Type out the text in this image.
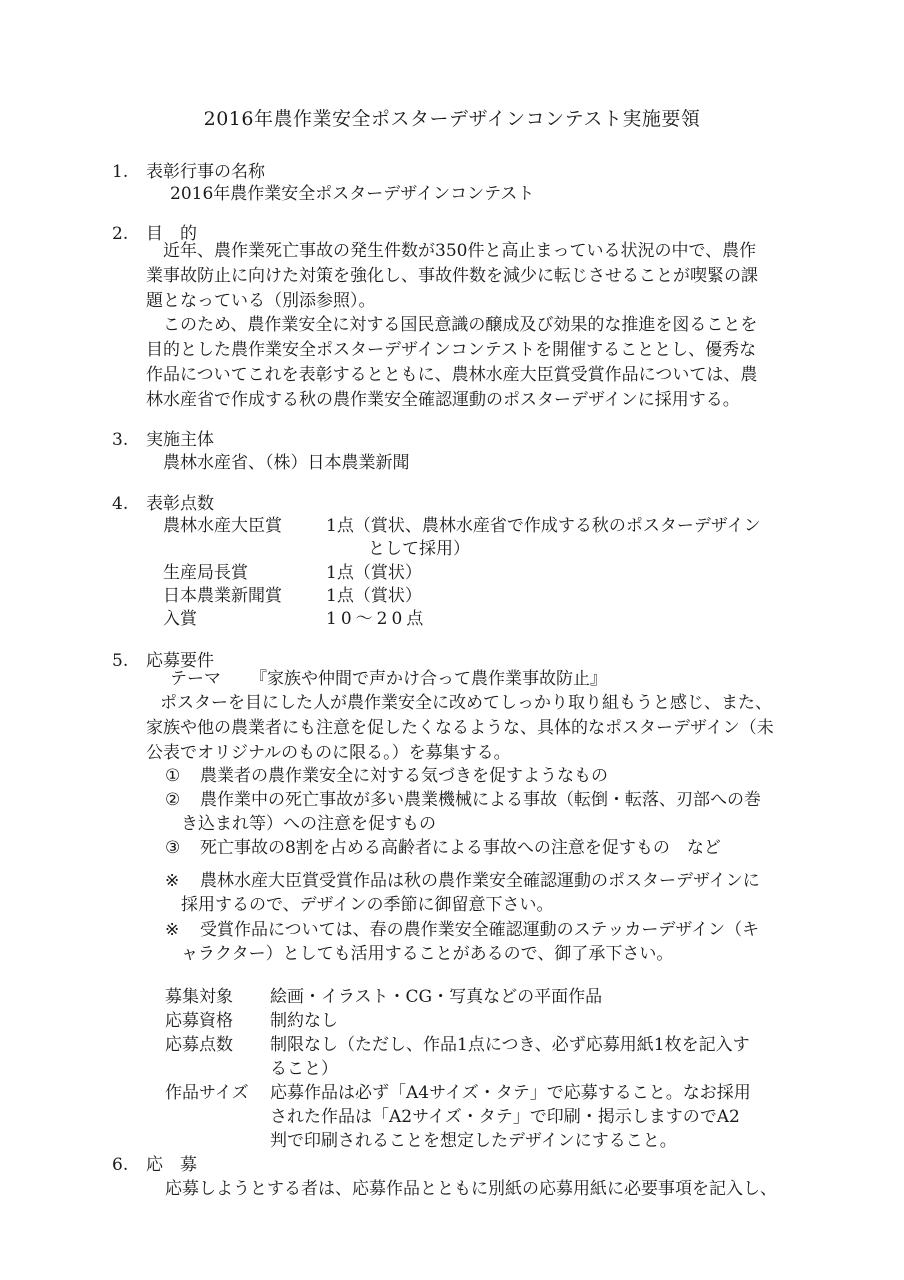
2016年農作業安全ポスターデザインコンテスト実施要領
1. 表彰行事の名称
2016年農作業安全ポスターデザインコンテスト
2. 目　的
近年、農作業死亡事故の発生件数が350件と高止まっている状況の中で、農作
業事故防止に向けた対策を強化し、事故件数を減少に転じさせることが喫緊の課
題となっている（別添参照）。
このため、農作業安全に対する国民意識の醸成及び効果的な推進を図ることを
目的とした農作業安全ポスターデザインコンテストを開催することとし、優秀な
作品についてこれを表彰するとともに、農林水産大臣賞受賞作品については、農
林水産省で作成する秋の農作業安全確認運動のポスターデザインに採用する。
3. 実施主体
農林水産省、（株）日本農業新聞
4. 表彰点数
農林水産大臣賞	1点（賞状、農林水産省で作成する秋のポスターデザイン
として採用）
生産局長賞	1点（賞状）
日本農業新聞賞	1点（賞状）
入賞	10～20点
5. 応募要件
テーマ 『家族や仲間で声かけ合って農作業事故防止』
ポスターを目にした人が農作業安全に改めてしっかり取り組もうと感じ、また、
家族や他の農業者にも注意を促したくなるような、具体的なポスターデザイン（未
公表でオリジナルのものに限る。）を募集する。
① 農業者の農作業安全に対する気づきを促すようなもの
② 農作業中の死亡事故が多い農業機械による事故（転倒・転落、刃部への巻
き込まれ等）への注意を促すもの
③ 死亡事故の8割を占める高齢者による事故への注意を促すもの　など
※ 農林水産大臣賞受賞作品は秋の農作業安全確認運動のポスターデザインに
採用するので、デザインの季節に御留意下さい。
※ 受賞作品については、春の農作業安全確認運動のステッカーデザイン（キ
ャラクター）としても活用することがあるので、御了承下さい。
募集対象 絵画・イラスト・CG・写真などの平面作品
応募資格 制約なし
応募点数 制限なし（ただし、作品1点につき、必ず応募用紙1枚を記入す
ること）
作品サイズ 応募作品は必ず「A4サイズ・タテ」で応募すること。なお採用
された作品は「A2サイズ・タテ」で印刷・掲示しますのでA2
判で印刷されることを想定したデザインにすること。
6. 応　募
応募しようとする者は、応募作品とともに別紙の応募用紙に必要事項を記入し、
